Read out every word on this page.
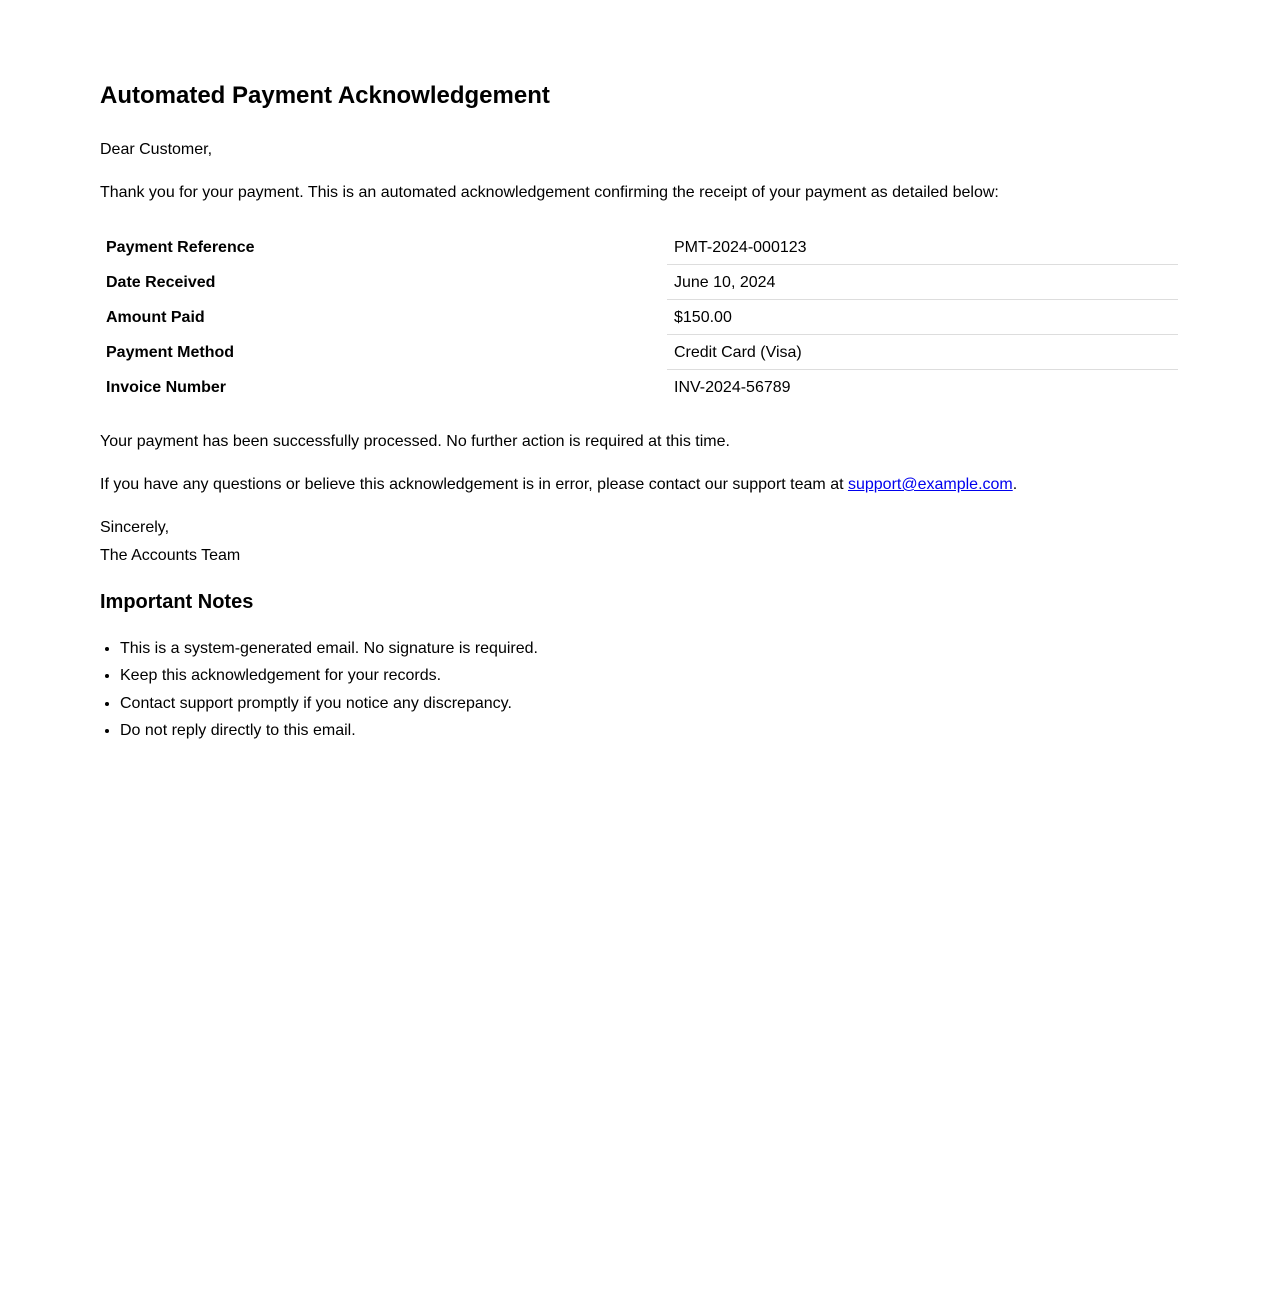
Automated Payment Acknowledgement

Dear Customer,

Thank you for your payment. This is an automated acknowledgement confirming the receipt of your payment as detailed below:

Payment Reference	PMT-2024-000123
Date Received	June 10, 2024
Amount Paid	$150.00
Payment Method	Credit Card (Visa)
Invoice Number	INV-2024-56789

Your payment has been successfully processed. No further action is required at this time.

If you have any questions or believe this acknowledgement is in error, please contact our support team at support@example.com.

Sincerely,

The Accounts Team

Important Notes
• This is a system-generated email. No signature is required.
• Keep this acknowledgement for your records.
• Contact support promptly if you notice any discrepancy.
• Do not reply directly to this email.
